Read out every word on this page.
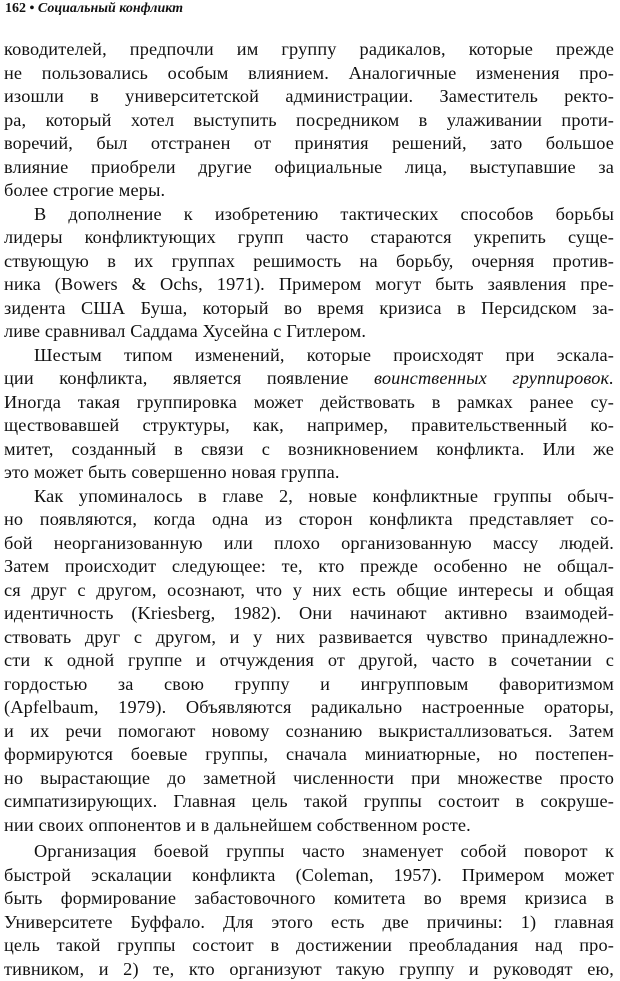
162 • Социальный конфликт
ководителей, предпочли им группу радикалов, которые прежде
не пользовались особым влиянием. Аналогичные изменения про-
изошли в университетской администрации. Заместитель ректо-
ра, который хотел выступить посредником в улаживании проти-
воречий, был отстранен от принятия решений, зато большое
влияние приобрели другие официальные лица, выступавшие за
более строгие меры.
В дополнение к изобретению тактических способов борьбы
лидеры конфликтующих групп часто стараются укрепить суще-
ствующую в их группах решимость на борьбу, очерняя против-
ника (Bowers & Ochs, 1971). Примером могут быть заявления пре-
зидента США Буша, который во время кризиса в Персидском за-
ливе сравнивал Саддама Хусейна с Гитлером.
Шестым типом изменений, которые происходят при эскала-
ции конфликта, является появление воинственных группировок.
Иногда такая группировка может действовать в рамках ранее су-
ществовавшей структуры, как, например, правительственный ко-
митет, созданный в связи с возникновением конфликта. Или же
это может быть совершенно новая группа.
Как упоминалось в главе 2, новые конфликтные группы обыч-
но появляются, когда одна из сторон конфликта представляет со-
бой неорганизованную или плохо организованную массу людей.
Затем происходит следующее: те, кто прежде особенно не общал-
ся друг с другом, осознают, что у них есть общие интересы и общая
идентичность (Kriesberg, 1982). Они начинают активно взаимодей-
ствовать друг с другом, и у них развивается чувство принадлежно-
сти к одной группе и отчуждения от другой, часто в сочетании с
гордостью за свою группу и ингрупповым фаворитизмом
(Apfelbaum, 1979). Объявляются радикально настроенные ораторы,
и их речи помогают новому сознанию выкристаллизоваться. Затем
формируются боевые группы, сначала миниатюрные, но постепен-
но вырастающие до заметной численности при множестве просто
симпатизирующих. Главная цель такой группы состоит в сокруше-
нии своих оппонентов и в дальнейшем собственном росте.
Организация боевой группы часто знаменует собой поворот к
быстрой эскалации конфликта (Coleman, 1957). Примером может
быть формирование забастовочного комитета во время кризиса в
Университете Буффало. Для этого есть две причины: 1) главная
цель такой группы состоит в достижении преобладания над про-
тивником, и 2) те, кто организуют такую группу и руководят ею,
